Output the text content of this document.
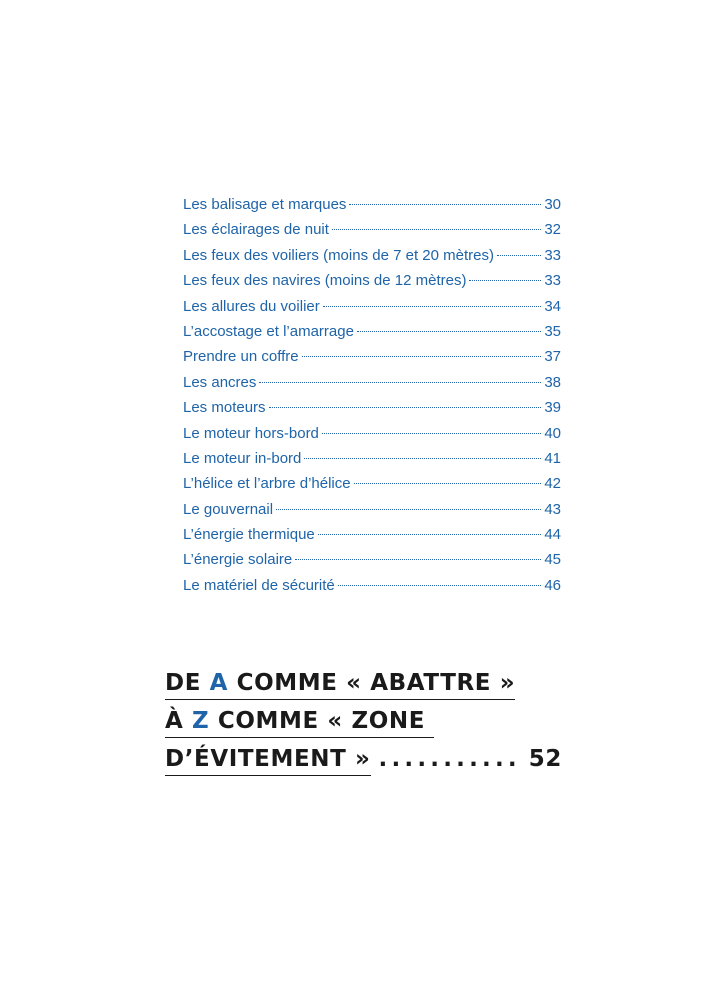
Les balisage et marques	30
Les éclairages de nuit	32
Les feux des voiliers (moins de 7 et 20 mètres)	33
Les feux des navires (moins de 12 mètres)	33
Les allures du voilier	34
L’accostage et l’amarrage	35
Prendre un coffre	37
Les ancres	38
Les moteurs	39
Le moteur hors-bord	40
Le moteur in-bord	41
L’hélice et l’arbre d’hélice	42
Le gouvernail	43
L’énergie thermique	44
L’énergie solaire	45
Le matériel de sécurité	46
DE A COMME « ABATTRE »
À Z COMME « ZONE
D’ÉVITEMENT » ........... 52
